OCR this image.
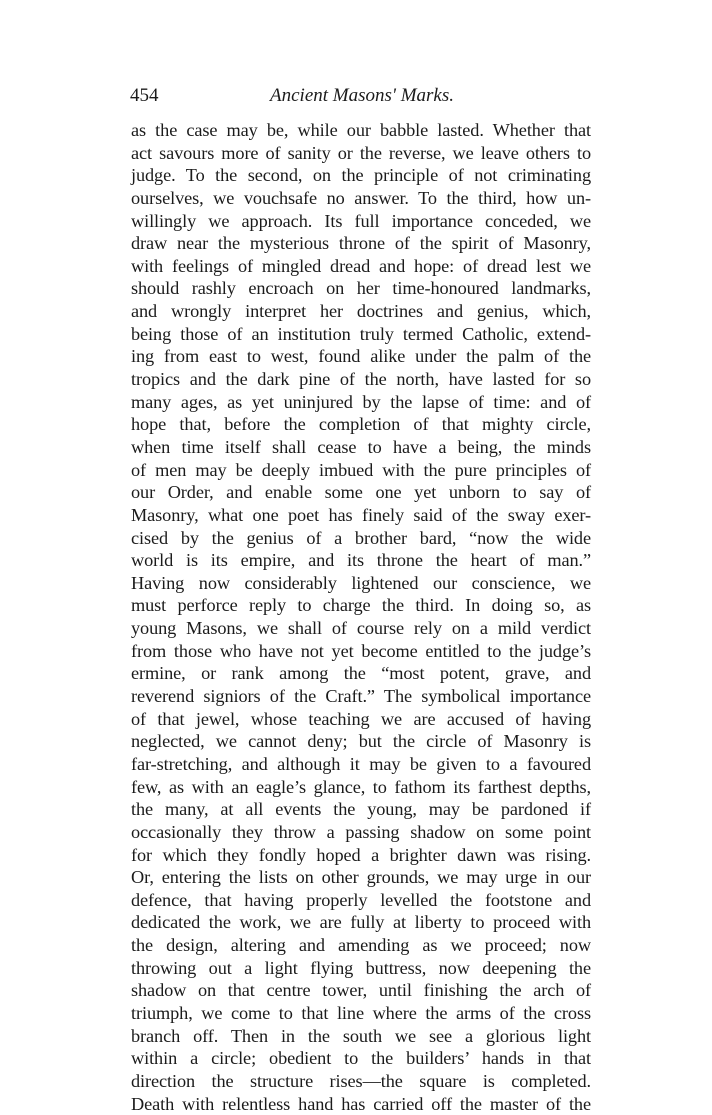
454	Ancient Masons' Marks.
as the case may be, while our babble lasted. Whether that
act savours more of sanity or the reverse, we leave others to
judge. To the second, on the principle of not criminating
ourselves, we vouchsafe no answer. To the third, how un-
willingly we approach. Its full importance conceded, we
draw near the mysterious throne of the spirit of Masonry,
with feelings of mingled dread and hope: of dread lest we
should rashly encroach on her time-honoured landmarks,
and wrongly interpret her doctrines and genius, which,
being those of an institution truly termed Catholic, extend-
ing from east to west, found alike under the palm of the
tropics and the dark pine of the north, have lasted for so
many ages, as yet uninjured by the lapse of time: and of
hope that, before the completion of that mighty circle,
when time itself shall cease to have a being, the minds
of men may be deeply imbued with the pure principles of
our Order, and enable some one yet unborn to say of
Masonry, what one poet has finely said of the sway exer-
cised by the genius of a brother bard, “now the wide
world is its empire, and its throne the heart of man.”
Having now considerably lightened our conscience, we
must perforce reply to charge the third. In doing so, as
young Masons, we shall of course rely on a mild verdict
from those who have not yet become entitled to the judge’s
ermine, or rank among the “most potent, grave, and
reverend signiors of the Craft.” The symbolical importance
of that jewel, whose teaching we are accused of having
neglected, we cannot deny; but the circle of Masonry is
far-stretching, and although it may be given to a favoured
few, as with an eagle’s glance, to fathom its farthest depths,
the many, at all events the young, may be pardoned if
occasionally they throw a passing shadow on some point
for which they fondly hoped a brighter dawn was rising.
Or, entering the lists on other grounds, we may urge in our
defence, that having properly levelled the footstone and
dedicated the work, we are fully at liberty to proceed with
the design, altering and amending as we proceed; now
throwing out a light flying buttress, now deepening the
shadow on that centre tower, until finishing the arch of
triumph, we come to that line where the arms of the cross
branch off. Then in the south we see a glorious light
within a circle; obedient to the builders’ hands in that
direction the structure rises—the square is completed.
Death with relentless hand has carried off the master of the
